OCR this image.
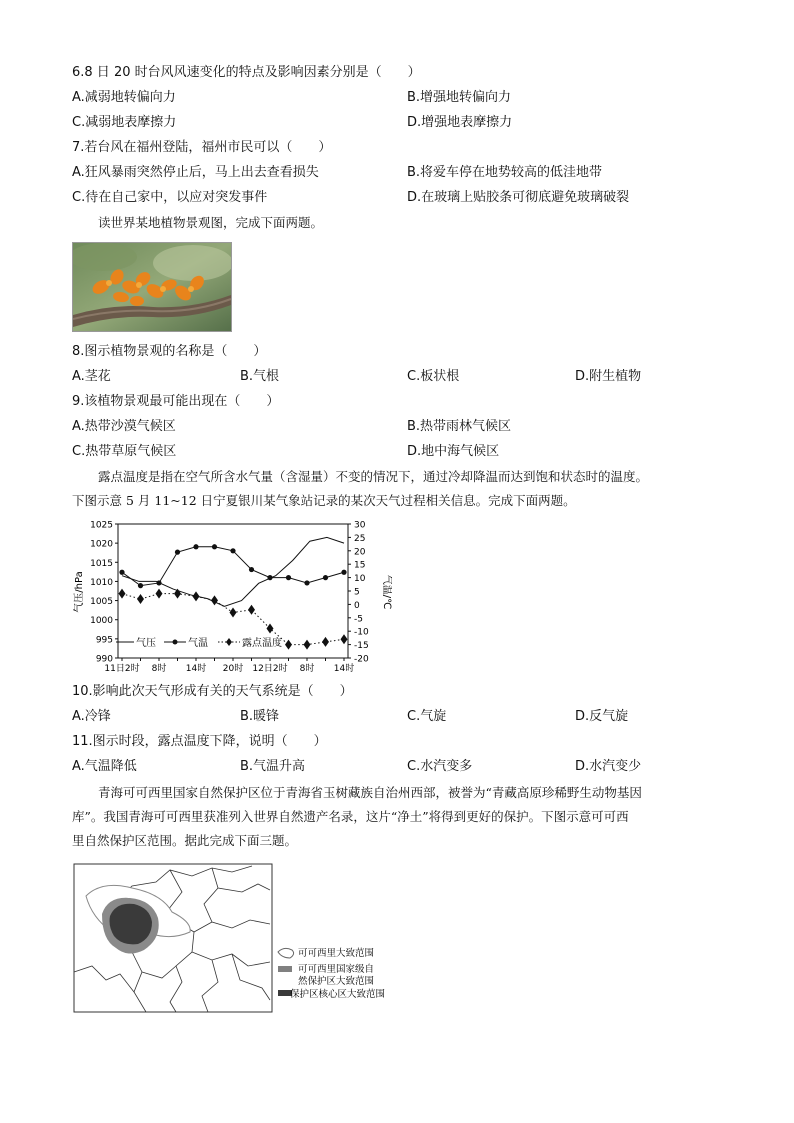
6.8 日 20 时台风风速变化的特点及影响因素分别是（　　）
A.减弱地转偏向力	B.增强地转偏向力
C.减弱地表摩擦力	D.增强地表摩擦力
7.若台风在福州登陆，福州市民可以（　　）
A.狂风暴雨突然停止后，马上出去查看损失	B.将爱车停在地势较高的低洼地带
C.待在自己家中，以应对突发事件	D.在玻璃上贴胶条可彻底避免玻璃破裂
读世界某地植物景观图，完成下面两题。
8.图示植物景观的名称是（　　）
A.茎花	B.气根	C.板状根	D.附生植物
9.该植物景观最可能出现在（　　）
A.热带沙漠气候区	B.热带雨林气候区
C.热带草原气候区	D.地中海气候区
露点温度是指在空气所含水气量（含湿量）不变的情况下，通过冷却降温而达到饱和状态时的温度。
下图示意 5 月 11~12 日宁夏银川某气象站记录的某次天气过程相关信息。完成下面两题。
1025
1020
1015
1010
1005
1000
995
990
30
25
20
15
10
5
0
-5
-10
-15
-20
11日2时 8时 14时 20时 12日2时 8时 14时
气压/hPa	气温/℃
气压	气温	露点温度
10.影响此次天气形成有关的天气系统是（　　）
A.冷锋	B.暖锋	C.气旋	D.反气旋
11.图示时段，露点温度下降，说明（　　）
A.气温降低	B.气温升高	C.水汽变多	D.水汽变少
青海可可西里国家自然保护区位于青海省玉树藏族自治州西部，被誉为“青藏高原珍稀野生动物基因
库”。我国青海可可西里获准列入世界自然遗产名录，这片“净土”将得到更好的保护。下图示意可可西
里自然保护区范围。据此完成下面三题。
可可西里大致范围
可可西里国家级自
然保护区大致范围
保护区核心区大致范围
